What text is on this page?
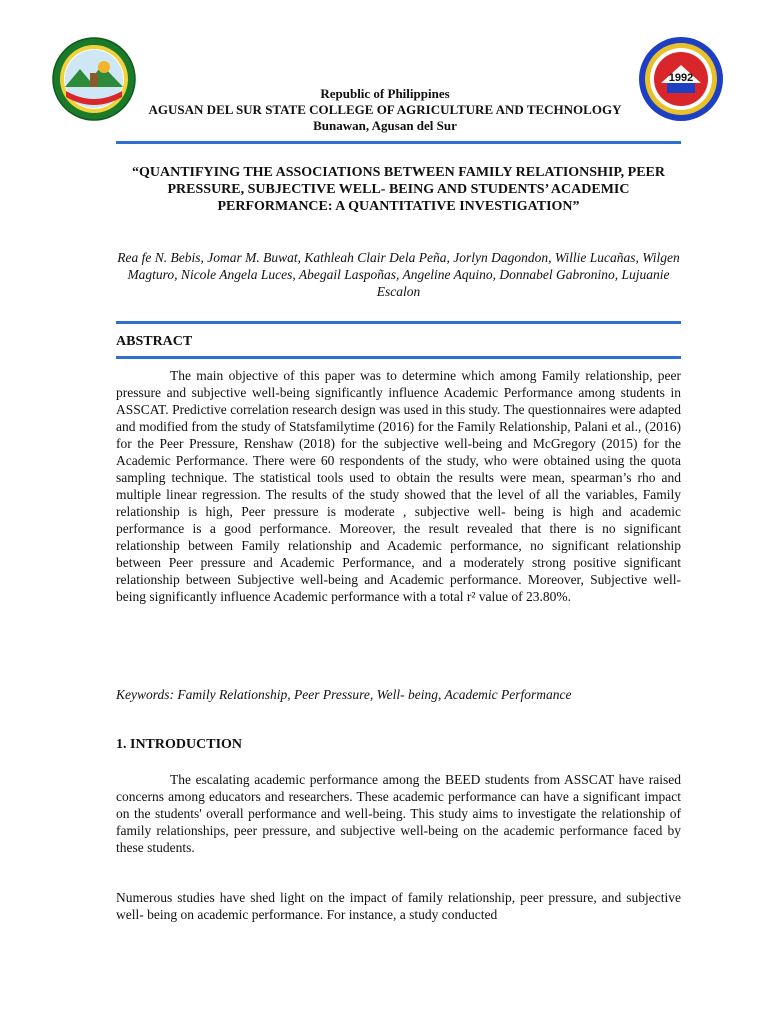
1992
Republic of Philippines
AGUSAN DEL SUR STATE COLLEGE OF AGRICULTURE AND TECHNOLOGY
Bunawan, Agusan del Sur
“QUANTIFYING THE ASSOCIATIONS BETWEEN FAMILY RELATIONSHIP, PEER PRESSURE, SUBJECTIVE WELL- BEING AND STUDENTS’ ACADEMIC PERFORMANCE: A QUANTITATIVE INVESTIGATION”
Rea fe N. Bebis, Jomar M. Buwat, Kathleah Clair Dela Peña, Jorlyn Dagondon, Willie Lucañas, Wilgen Magturo, Nicole Angela Luces, Abegail Laspoñas, Angeline Aquino, Donnabel Gabronino, Lujuanie Escalon
ABSTRACT

The main objective of this paper was to determine which among Family relationship, peer pressure and subjective well-being significantly influence Academic Performance among students in ASSCAT. Predictive correlation research design was used in this study. The questionnaires were adapted and modified from the study of Statsfamilytime (2016) for the Family Relationship, Palani et al., (2016) for the Peer Pressure, Renshaw (2018) for the subjective well-being and McGregory (2015) for the Academic Performance. There were 60 respondents of the study, who were obtained using the quota sampling technique. The statistical tools used to obtain the results were mean, spearman’s rho and multiple linear regression. The results of the study showed that the level of all the variables, Family relationship is high, Peer pressure is moderate , subjective well- being is high and academic performance is a good performance. Moreover, the result revealed that there is no significant relationship between Family relationship and Academic performance, no significant relationship between Peer pressure and Academic Performance, and a moderately strong positive significant relationship between Subjective well-being and Academic performance. Moreover, Subjective well-being significantly influence Academic performance with a total r² value of 23.80%.

Keywords: Family Relationship, Peer Pressure, Well- being, Academic Performance
1. INTRODUCTION

The escalating academic performance among the BEED students from ASSCAT have raised concerns among educators and researchers. These academic performance can have a significant impact on the students' overall performance and well-being. This study aims to investigate the relationship of family relationships, peer pressure, and subjective well-being on the academic performance faced by these students.

Numerous studies have shed light on the impact of family relationship, peer pressure, and subjective well- being on academic performance. For instance, a study conducted
